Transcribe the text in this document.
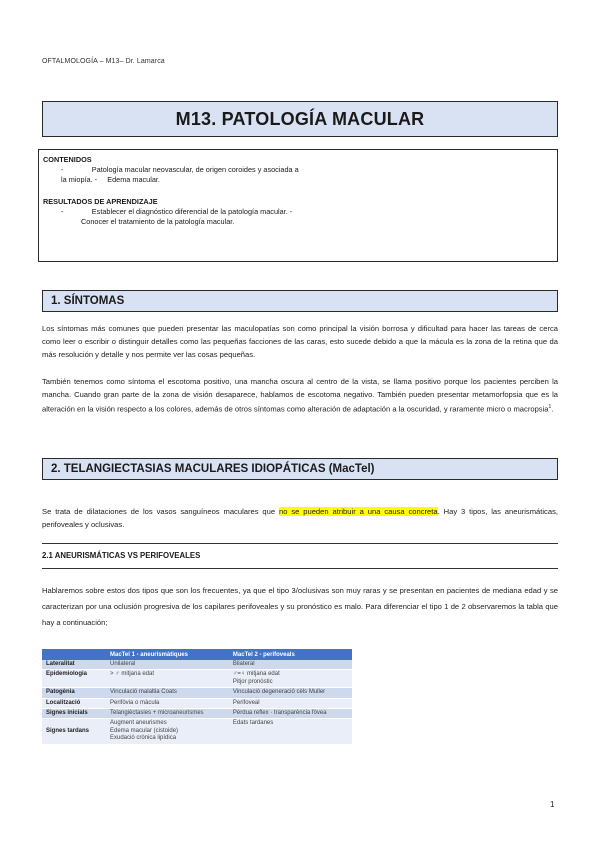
OFTALMOLOGÍA – M13– Dr. Lamarca
M13. PATOLOGÍA MACULAR
CONTENIDOS
-              Patología macular neovascular, de origen coroides y asociada a
la miopía. -     Edema macular.
RESULTADOS DE APRENDIZAJE
-              Establecer el diagnóstico diferencial de la patología macular. -
Conocer el tratamiento de la patología macular.
1. SÍNTOMAS
Los síntomas más comunes que pueden presentar las maculopatías son como principal la visión borrosa y dificultad para hacer las tareas de cerca como leer o escribir o distinguir detalles como las pequeñas facciones de las caras, esto sucede debido a que la mácula es la zona de la retina que da más resolución y detalle y nos permite ver las cosas pequeñas.
También tenemos como síntoma el escotoma positivo, una mancha oscura al centro de la vista, se llama positivo porque los pacientes perciben la mancha. Cuando gran parte de la zona de visión desaparece, hablamos de escotoma negativo. También pueden presentar metamorfopsia que es la alteración en la visión respecto a los colores, además de otros síntomas como alteración de adaptación a la oscuridad, y raramente micro o macropsia$^1$.
2. TELANGIECTASIAS MACULARES IDIOPÁTICAS (MacTel)
Se trata de dilataciones de los vasos sanguíneos maculares que no se pueden atribuir a una causa concreta. Hay 3 tipos, las aneurismáticas, perifoveales y oclusivas.
2.1 ANEURISMÁTICAS VS PERIFOVEALES
Hablaremos sobre estos dos tipos que son los frecuentes, ya que el tipo 3/oclusivas son muy raras y se presentan en pacientes de mediana edad y se caracterizan por una oclusión progresiva de los capilares perifoveales y su pronóstico es malo. Para diferenciar el tipo 1 de 2 observaremos la tabla que hay a continuación;
	MacTel 1 - aneurismàtiques	MacTel 2 - perifoveals
Lateralitat	Unilateral	Bilateral
Epidemiologia	> ♂ mitjana edat	♂=♀ mitjana edat
Pitjor pronòstic
Patogènia	Vinculació malaltia Coats	Vinculació degeneració cèls Muller
Localització	Perifòvia o màcula	Perifoveal
Signes inicials	Telangièctasies + microaneurismes	Pèrdua reflex · transparència fòvea
Signes tardans	Augment aneurismes
Edema macular (cistoide)
Exudació crònica lipídica	Edats tardanes
1
